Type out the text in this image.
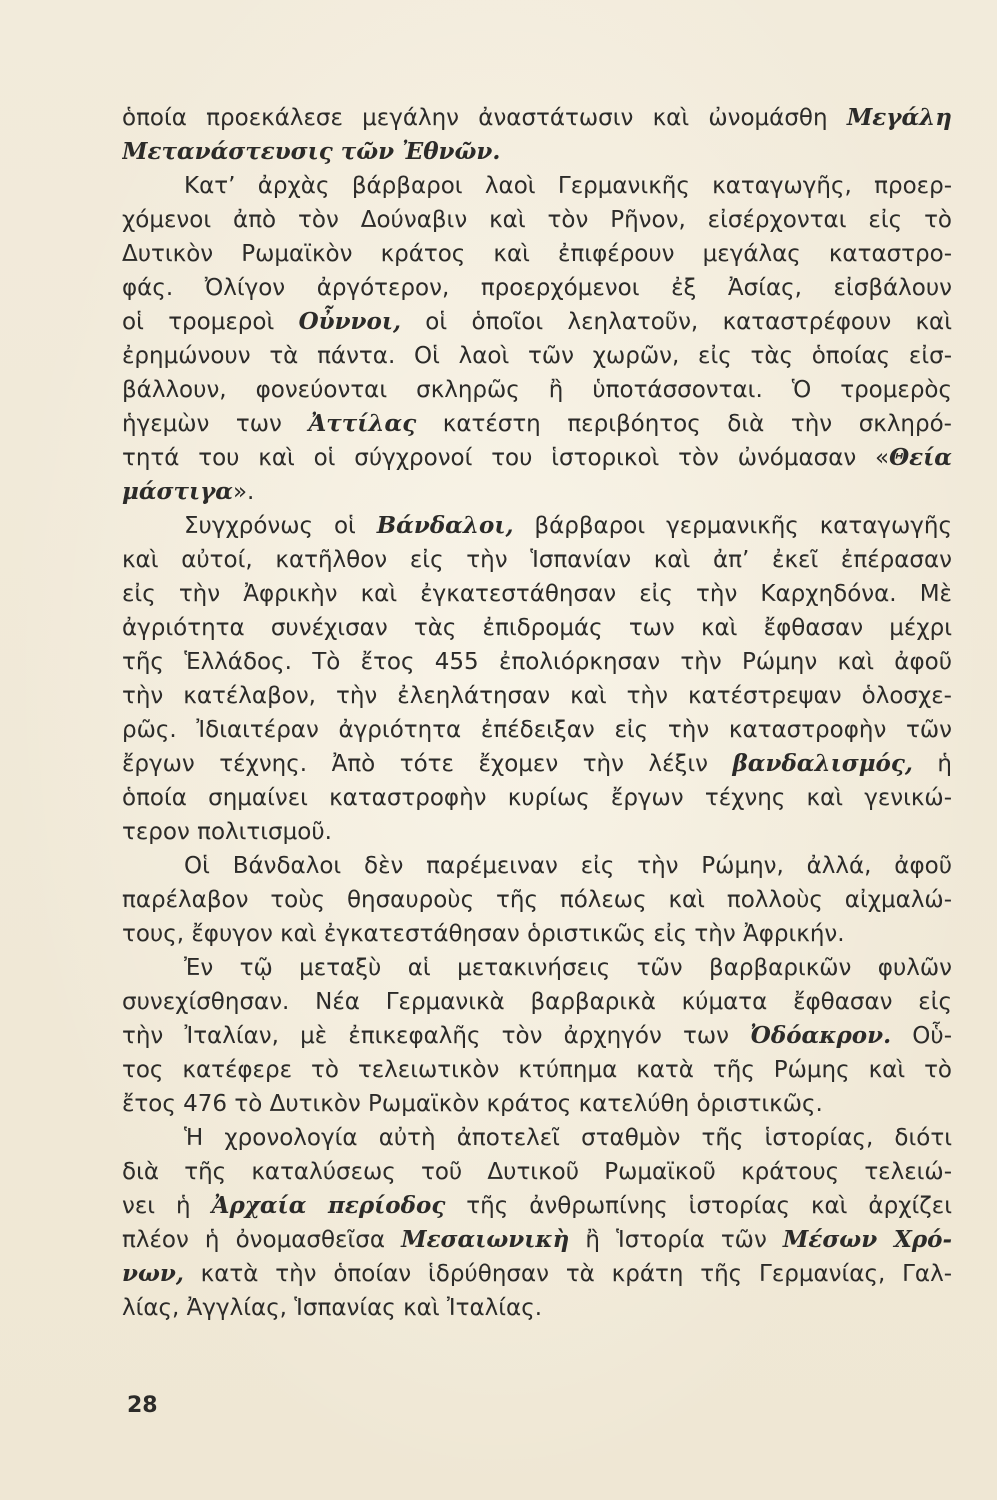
ὁποία προεκάλεσε μεγάλην ἀναστάτωσιν καὶ ὠνομάσθη Μεγάλη
Μετανάστευσις τῶν Ἐθνῶν.
Κατ’ ἀρχὰς βάρβαροι λαοὶ Γερμανικῆς καταγωγῆς, προερ-
χόμενοι ἀπὸ τὸν Δούναβιν καὶ τὸν Ρῆνον, εἰσέρχονται εἰς τὸ
Δυτικὸν Ρωμαϊκὸν κράτος καὶ ἐπιφέρουν μεγάλας καταστρο-
φάς. Ὀλίγον ἀργότερον, προερχόμενοι ἐξ Ἀσίας, εἰσβάλουν
οἱ τρομεροὶ Οὖννοι, οἱ ὁποῖοι λεηλατοῦν, καταστρέφουν καὶ
ἐρημώνουν τὰ πάντα. Οἱ λαοὶ τῶν χωρῶν, εἰς τὰς ὁποίας εἰσ-
βάλλουν, φονεύονται σκληρῶς ἢ ὑποτάσσονται. Ὁ τρομερὸς
ἡγεμὼν των Ἀττίλας κατέστη περιβόητος διὰ τὴν σκληρό-
τητά του καὶ οἱ σύγχρονοί του ἱστορικοὶ τὸν ὠνόμασαν «Θεία
μάστιγα».
Συγχρόνως οἱ Βάνδαλοι, βάρβαροι γερμανικῆς καταγωγῆς
καὶ αὐτοί, κατῆλθον εἰς τὴν Ἱσπανίαν καὶ ἀπ’ ἐκεῖ ἐπέρασαν
εἰς τὴν Ἀφρικὴν καὶ ἐγκατεστάθησαν εἰς τὴν Καρχηδόνα. Μὲ
ἀγριότητα συνέχισαν τὰς ἐπιδρομάς των καὶ ἔφθασαν μέχρι
τῆς Ἑλλάδος. Τὸ ἔτος 455 ἐπολιόρκησαν τὴν Ρώμην καὶ ἀφοῦ
τὴν κατέλαβον, τὴν ἐλεηλάτησαν καὶ τὴν κατέστρεψαν ὁλοσχε-
ρῶς. Ἰδιαιτέραν ἀγριότητα ἐπέδειξαν εἰς τὴν καταστροφὴν τῶν
ἔργων τέχνης. Ἀπὸ τότε ἔχομεν τὴν λέξιν βανδαλισμός, ἡ
ὁποία σημαίνει καταστροφὴν κυρίως ἔργων τέχνης καὶ γενικώ-
τερον πολιτισμοῦ.
Οἱ Βάνδαλοι δὲν παρέμειναν εἰς τὴν Ρώμην, ἀλλά, ἀφοῦ
παρέλαβον τοὺς θησαυροὺς τῆς πόλεως καὶ πολλοὺς αἰχμαλώ-
τους, ἔφυγον καὶ ἐγκατεστάθησαν ὁριστικῶς εἰς τὴν Ἀφρικήν.
Ἐν τῷ μεταξὺ αἱ μετακινήσεις τῶν βαρβαρικῶν φυλῶν
συνεχίσθησαν. Νέα Γερμανικὰ βαρβαρικὰ κύματα ἔφθασαν εἰς
τὴν Ἰταλίαν, μὲ ἐπικεφαλῆς τὸν ἀρχηγόν των Ὀδόακρον. Οὗ-
τος κατέφερε τὸ τελειωτικὸν κτύπημα κατὰ τῆς Ρώμης καὶ τὸ
ἔτος 476 τὸ Δυτικὸν Ρωμαϊκὸν κράτος κατελύθη ὁριστικῶς.
Ἡ χρονολογία αὐτὴ ἀποτελεῖ σταθμὸν τῆς ἱστορίας, διότι
διὰ τῆς καταλύσεως τοῦ Δυτικοῦ Ρωμαϊκοῦ κράτους τελειώ-
νει ἡ Ἀρχαία περίοδος τῆς ἀνθρωπίνης ἱστορίας καὶ ἀρχίζει
πλέον ἡ ὀνομασθεῖσα Μεσαιωνικὴ ἢ Ἱστορία τῶν Μέσων Χρό-
νων, κατὰ τὴν ὁποίαν ἱδρύθησαν τὰ κράτη τῆς Γερμανίας, Γαλ-
λίας, Ἀγγλίας, Ἱσπανίας καὶ Ἰταλίας.
28
